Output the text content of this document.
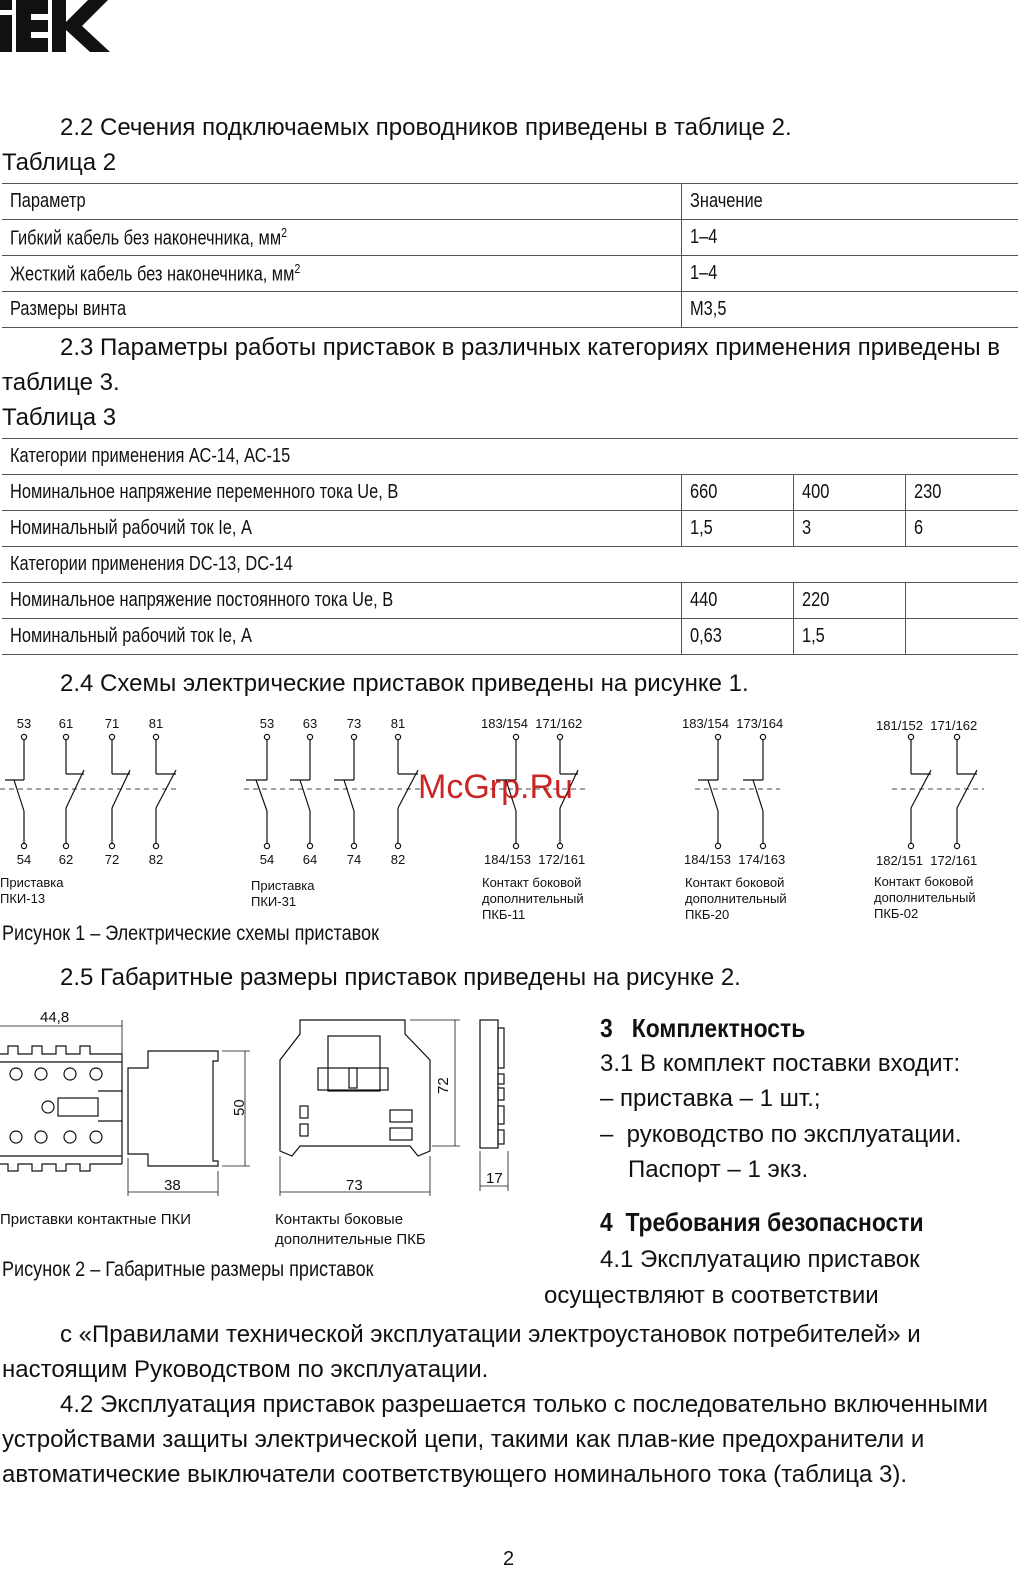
2.2 Сечения подключаемых проводников приведены в таблице 2.
Таблица 2
Параметр	Значение
Гибкий кабель без наконечника, $мм^2$	1–4
Жесткий кабель без наконечника, $мм^2$	1–4
Размеры винта	М3,5
2.3 Параметры работы приставок в различных категориях применения приведены в таблице 3.
Таблица 3
Категории применения АС-14, АС-15			
Номинальное напряжение переменного тока Ue, В	660	400	230
Номинальный рабочий ток Ie, А	1,5	3	6
Категории применения DC-13, DC-14			
Номинальное напряжение постоянного тока Ue, В	440	220	
Номинальный рабочий ток Ie, А	0,63	1,5	
2.4 Схемы электрические приставок приведены на рисунке 1.
53 61 71 81
54 62 72 82
Приставка
ПКИ-13
53 63 73 81
54 64 74 82
Приставка
ПКИ-31
183/154  171/162
184/153  172/161
Контакт боковой
дополнительный
ПКБ-11
183/154  173/164
184/153  174/163
Контакт боковой
дополнительный
ПКБ-20
181/152  171/162
182/151  172/161
Контакт боковой
дополнительный
ПКБ-02
McGrp.Ru
Рисунок 1 – Электрические схемы приставок
2.5 Габаритные размеры приставок приведены на рисунке 2.
44,8
50
38	73
72
17
Приставки контактные ПКИ	Контакты боковые
дополнительные ПКБ
Рисунок 2 – Габаритные размеры приставок
3   Комплектность
3.1 В комплект поставки входит:
– приставка – 1 шт.;
–  руководство по эксплуатации.
Паспорт – 1 экз.
4  Требования безопасности
4.1 Эксплуатацию приставок
осуществляют в соответствии
с «Правилами технической эксплуатации электроустановок потребителей» и настоящим Руководством по эксплуатации.
4.2 Эксплуатация приставок разрешается только с последовательно включенными устройствами защиты электрической цепи, такими как плав-кие предохранители и автоматические выключатели соответствующего номинального тока (таблица 3).
2
